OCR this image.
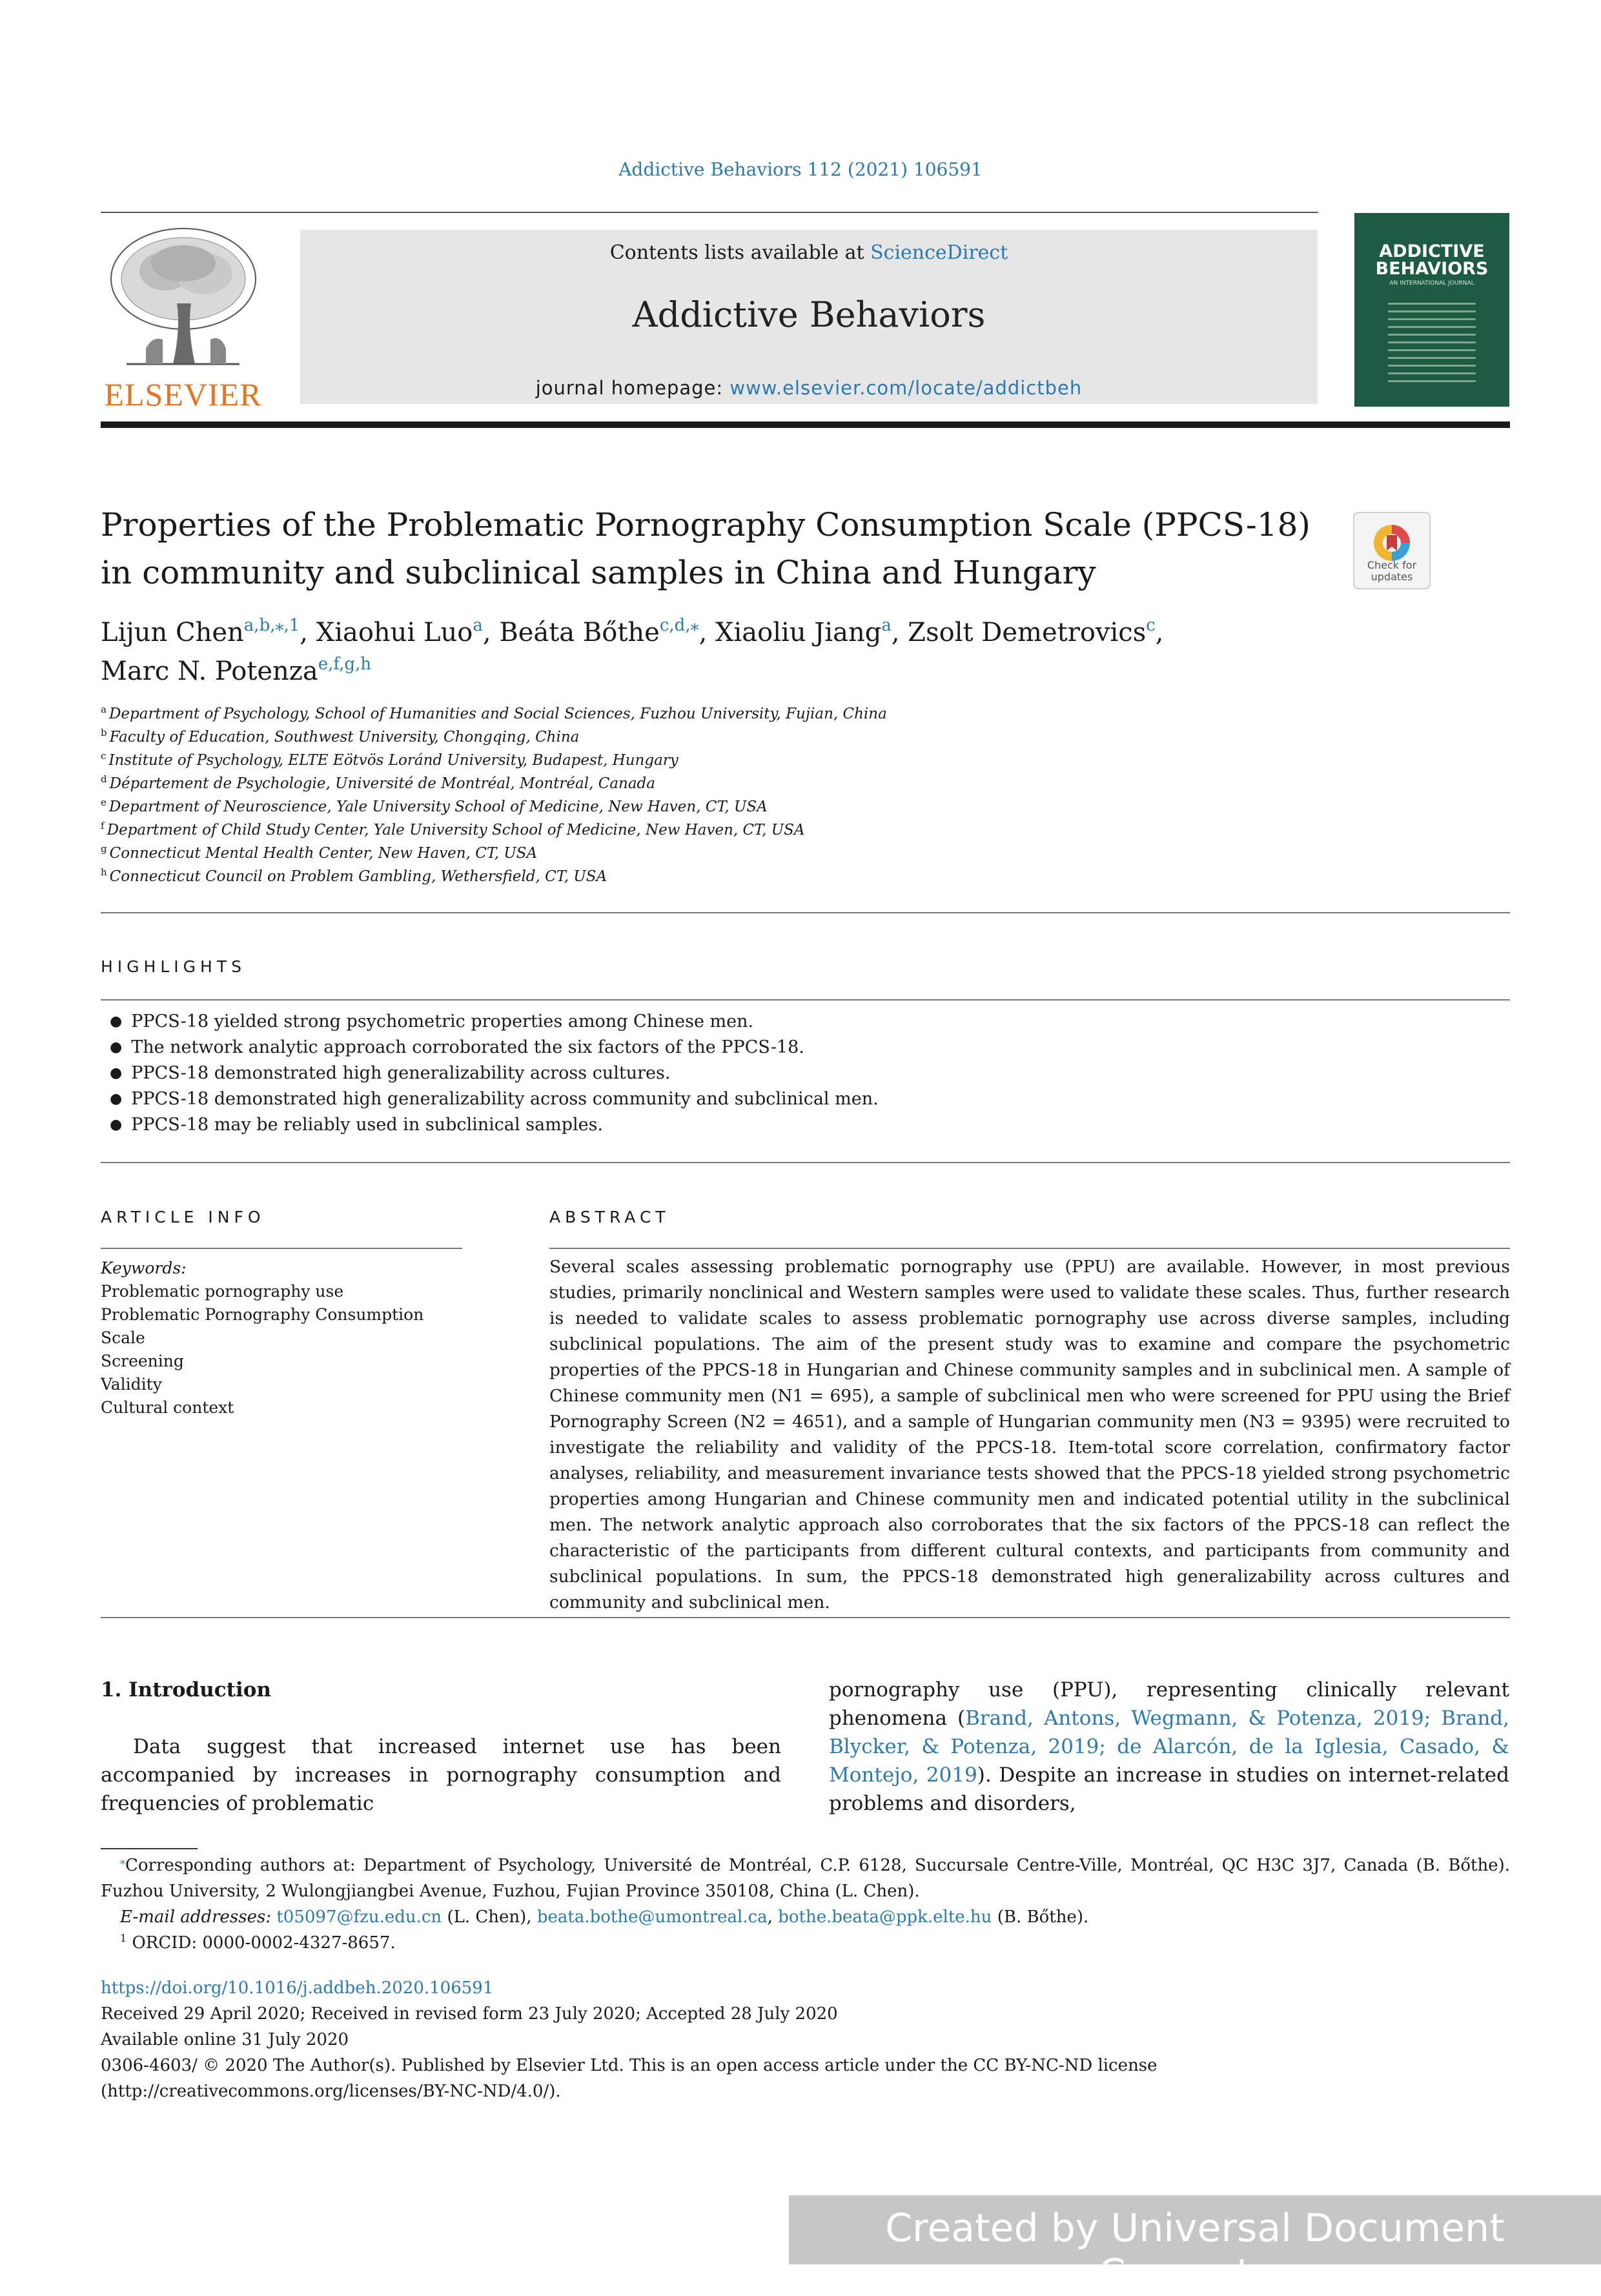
Addictive Behaviors 112 (2021) 106591
ELSEVIER
Contents lists available at ScienceDirect
Addictive Behaviors
journal homepage: www.elsevier.com/locate/addictbeh
ADDICTIVE
BEHAVIORS
AN INTERNATIONAL JOURNAL
Properties of the Problematic Pornography Consumption Scale (PPCS-18) in community and subclinical samples in China and Hungary	Check for
updates
Lijun Chen$^{a,b,⁎,1}$, Xiaohui Luo$^a$, Beáta Bőthe$^{c,d,⁎}$, Xiaoliu Jiang$^a$, Zsolt Demetrovics$^c$,
Marc N. Potenza$^{e,f,g,h}$
$^a$ Department of Psychology, School of Humanities and Social Sciences, Fuzhou University, Fujian, China
$^b$ Faculty of Education, Southwest University, Chongqing, China
$^c$ Institute of Psychology, ELTE Eötvös Loránd University, Budapest, Hungary
$^d$ Département de Psychologie, Université de Montréal, Montréal, Canada
$^e$ Department of Neuroscience, Yale University School of Medicine, New Haven, CT, USA
$^f$ Department of Child Study Center, Yale University School of Medicine, New Haven, CT, USA
$^g$ Connecticut Mental Health Center, New Haven, CT, USA
$^h$ Connecticut Council on Problem Gambling, Wethersfield, CT, USA
HIGHLIGHTS
● PPCS-18 yielded strong psychometric properties among Chinese men.
● The network analytic approach corroborated the six factors of the PPCS-18.
● PPCS-18 demonstrated high generalizability across cultures.
● PPCS-18 demonstrated high generalizability across community and subclinical men.
● PPCS-18 may be reliably used in subclinical samples.
ARTICLE INFO
Keywords:
Problematic pornography use
Problematic Pornography Consumption Scale
Screening
Validity
Cultural context
ABSTRACT
Several scales assessing problematic pornography use (PPU) are available. However, in most previous studies, primarily nonclinical and Western samples were used to validate these scales. Thus, further research is needed to validate scales to assess problematic pornography use across diverse samples, including subclinical populations. The aim of the present study was to examine and compare the psychometric properties of the PPCS-18 in Hungarian and Chinese community samples and in subclinical men. A sample of Chinese community men (N1 = 695), a sample of subclinical men who were screened for PPU using the Brief Pornography Screen (N2 = 4651), and a sample of Hungarian community men (N3 = 9395) were recruited to investigate the reliability and validity of the PPCS-18. Item-total score correlation, confirmatory factor analyses, reliability, and measurement invariance tests showed that the PPCS-18 yielded strong psychometric properties among Hungarian and Chinese community men and indicated potential utility in the subclinical men. The network analytic approach also corroborates that the six factors of the PPCS-18 can reflect the characteristic of the participants from different cultural contexts, and participants from community and subclinical populations. In sum, the PPCS-18 demonstrated high generalizability across cultures and community and subclinical men.
1. Introduction
Data suggest that increased internet use has been accompanied by increases in pornography consumption and frequencies of problematic
pornography use (PPU), representing clinically relevant phenomena (Brand, Antons, Wegmann, & Potenza, 2019; Brand, Blycker, & Potenza, 2019; de Alarcón, de la Iglesia, Casado, & Montejo, 2019). Despite an increase in studies on internet-related problems and disorders,
⁎Corresponding authors at: Department of Psychology, Université de Montréal, C.P. 6128, Succursale Centre-Ville, Montréal, QC H3C 3J7, Canada (B. Bőthe). Fuzhou University, 2 Wulongjiangbei Avenue, Fuzhou, Fujian Province 350108, China (L. Chen).
E-mail addresses: t05097@fzu.edu.cn (L. Chen), beata.bothe@umontreal.ca, bothe.beata@ppk.elte.hu (B. Bőthe).
$^1$ ORCID: 0000-0002-4327-8657.
https://doi.org/10.1016/j.addbeh.2020.106591
Received 29 April 2020; Received in revised form 23 July 2020; Accepted 28 July 2020
Available online 31 July 2020
0306-4603/ © 2020 The Author(s). Published by Elsevier Ltd. This is an open access article under the CC BY-NC-ND license
(http://creativecommons.org/licenses/BY-NC-ND/4.0/).
Created by Universal Document Converter
